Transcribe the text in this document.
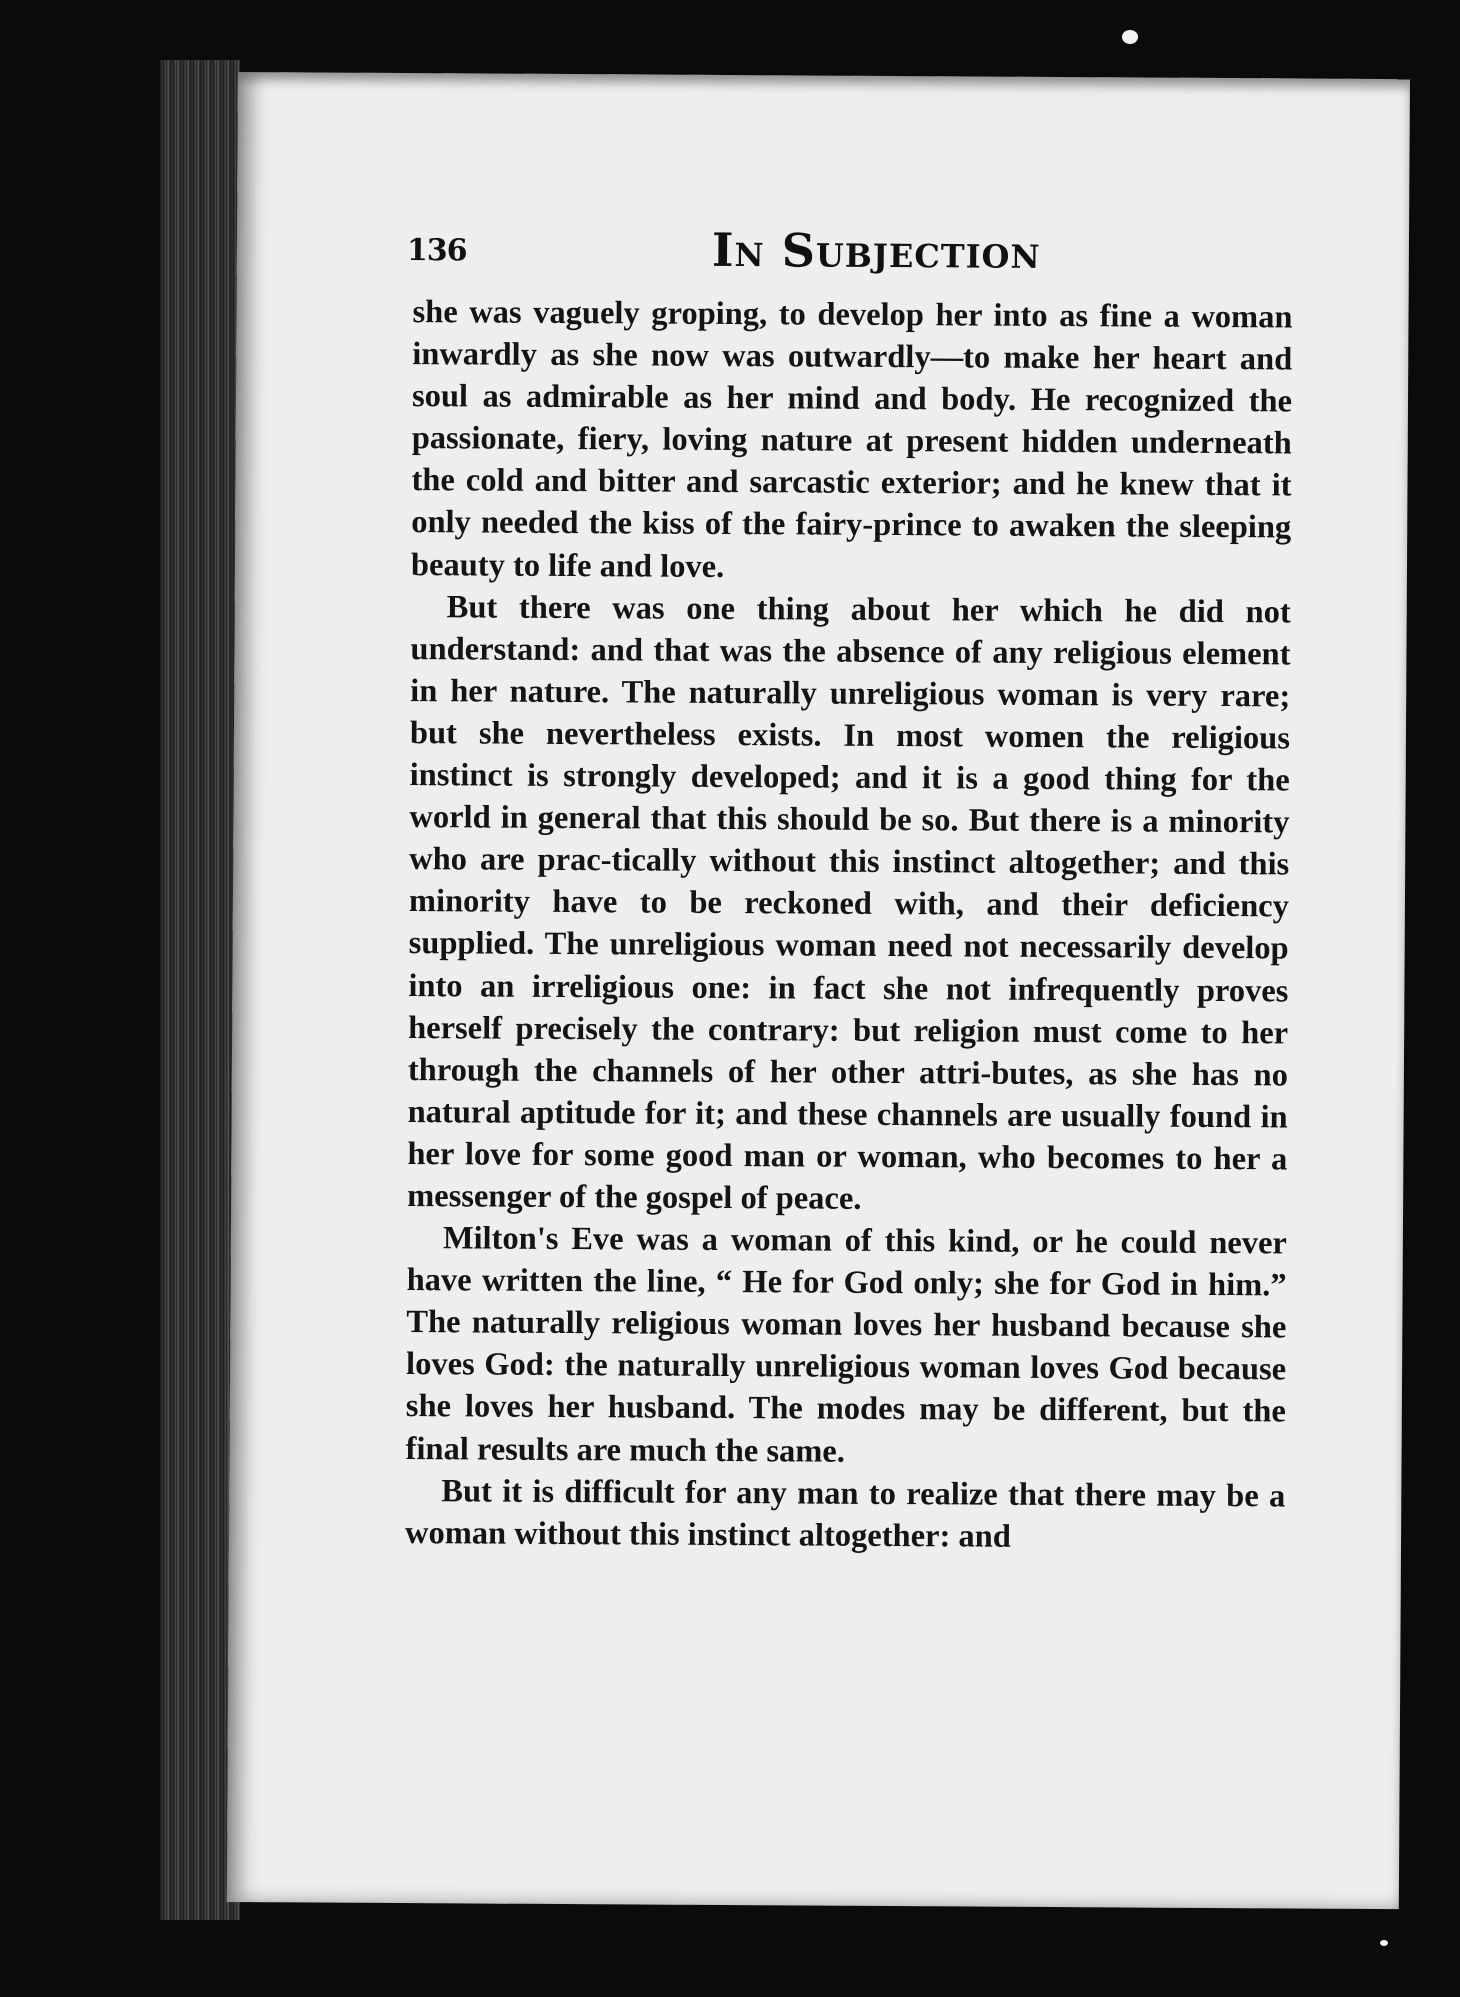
136	In Subjection

she was vaguely groping, to develop her into as fine a woman inwardly as she now was outwardly—to make her heart and soul as admirable as her mind and body. He recognized the passionate, fiery, loving nature at present hidden underneath the cold and bitter and sarcastic exterior; and he knew that it only needed the kiss of the fairy-prince to awaken the sleeping beauty to life and love.

But there was one thing about her which he did not understand: and that was the absence of any religious element in her nature. The naturally unreligious woman is very rare; but she nevertheless exists. In most women the religious instinct is strongly developed; and it is a good thing for the world in general that this should be so. But there is a minority who are prac-tically without this instinct altogether; and this minority have to be reckoned with, and their deficiency supplied. The unreligious woman need not necessarily develop into an irreligious one: in fact she not infrequently proves herself precisely the contrary: but religion must come to her through the channels of her other attri-butes, as she has no natural aptitude for it; and these channels are usually found in her love for some good man or woman, who becomes to her a messenger of the gospel of peace.

Milton's Eve was a woman of this kind, or he could never have written the line, “ He for God only; she for God in him.” The naturally religious woman loves her husband because she loves God: the naturally unreligious woman loves God because she loves her husband. The modes may be different, but the final results are much the same.

But it is difficult for any man to realize that there may be a woman without this instinct altogether: and
